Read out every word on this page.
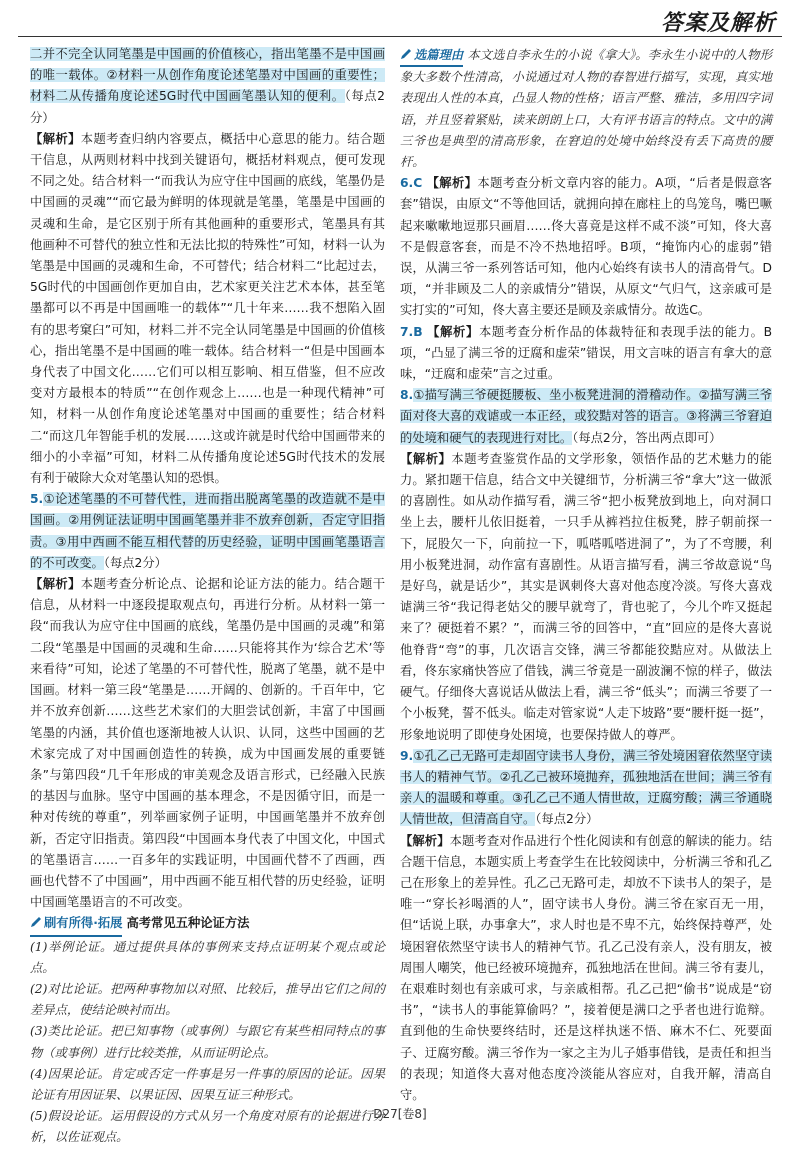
答案及解析

二并不完全认同笔墨是中国画的价值核心，指出笔墨不是中国画的唯一载体。②材料一从创作角度论述笔墨对中国画的重要性；材料二从传播角度论述5G时代中国画笔墨认知的便利。（每点2分）

【解析】本题考查归纳内容要点，概括中心意思的能力。结合题干信息，从两则材料中找到关键语句，概括材料观点，便可发现不同之处。结合材料一“而我认为应守住中国画的底线，笔墨仍是中国画的灵魂”“而它最为鲜明的体现就是笔墨，笔墨是中国画的灵魂和生命，是它区别于所有其他画种的重要形式，笔墨具有其他画种不可替代的独立性和无法比拟的特殊性”可知，材料一认为笔墨是中国画的灵魂和生命，不可替代；结合材料二“比起过去，5G时代的中国画创作更加自由，艺术家更关注艺术本体，甚至笔墨都可以不再是中国画唯一的载体”“几十年来……我不想陷入固有的思考窠臼”可知，材料二并不完全认同笔墨是中国画的价值核心，指出笔墨不是中国画的唯一载体。结合材料一“但是中国画本身代表了中国文化……它们可以相互影响、相互借鉴，但不应改变对方最根本的特质”“在创作观念上……也是一种现代精神”可知，材料一从创作角度论述笔墨对中国画的重要性；结合材料二“而这几年智能手机的发展……这或许就是时代给中国画带来的细小的小幸福”可知，材料二从传播角度论述5G时代技术的发展有利于破除大众对笔墨认知的恐惧。

5.①论述笔墨的不可替代性，进而指出脱离笔墨的改造就不是中国画。②用例证法证明中国画笔墨并非不放弃创新，否定守旧指责。③用中西画不能互相代替的历史经验，证明中国画笔墨语言的不可改变。（每点2分）

【解析】本题考查分析论点、论据和论证方法的能力。结合题干信息，从材料一中逐段提取观点句，再进行分析。从材料一第一段“而我认为应守住中国画的底线，笔墨仍是中国画的灵魂”和第二段“笔墨是中国画的灵魂和生命……只能将其作为‘综合艺术’等来看待”可知，论述了笔墨的不可替代性，脱离了笔墨，就不是中国画。材料一第三段“笔墨是……开阔的、创新的。千百年中，它并不放弃创新……这些艺术家们的大胆尝试创新，丰富了中国画笔墨的内涵，其价值也逐渐地被人认识、认同，这些中国画的艺术家完成了对中国画创造性的转换，成为中国画发展的重要链条”与第四段“几千年形成的审美观念及语言形式，已经融入民族的基因与血脉。坚守中国画的基本理念，不是因循守旧，而是一种对传统的尊重”，列举画家例子证明，中国画笔墨并不放弃创新，否定守旧指责。第四段“中国画本身代表了中国文化，中国式的笔墨语言……一百多年的实践证明，中国画代替不了西画，西画也代替不了中国画”，用中西画不能互相代替的历史经验，证明中国画笔墨语言的不可改变。

刷有所得·拓展 高考常见五种论证方法

(1)举例论证。通过提供具体的事例来支持点证明某个观点或论点。

(2)对比论证。把两种事物加以对照、比较后，推导出它们之间的差异点，使结论映衬而出。

(3)类比论证。把已知事物（或事例）与跟它有某些相同特点的事物（或事例）进行比较类推，从而证明论点。

(4)因果论证。肯定或否定一件事是另一件事的原因的论证。因果论证有用因证果、以果证因、因果互证三种形式。

(5)假设论证。运用假设的方式从另一个角度对原有的论据进行分析，以佐证观点。

选篇理由 本文选自李永生的小说《拿大》。李永生小说中的人物形象大多数个性清高，小说通过对人物的春智进行描写，实现，真实地表现出人性的本真，凸显人物的性格；语言严整、雅洁，多用四字词语，并且竖着紧贴，读来朗朗上口，大有评书语言的特点。文中的满三爷也是典型的清高形象，在窘迫的处境中始终没有丢下高贵的腰杆。

6.C 【解析】本题考查分析文章内容的能力。A项，“后者是假意客套”错误，由原文“不等他回话，就拥向掉在廊柱上的鸟笼鸟，嘴巴噘起来嗽嗽地逗那只画眉……佟大喜竟是这样不咸不淡”可知，佟大喜不是假意客套，而是不冷不热地招呼。B项，“掩饰内心的虚弱”错误，从满三爷一系列答话可知，他内心始终有读书人的清高骨气。D项，“并非顾及二人的亲戚情分”错误，从原文“气归气，这亲戚可是实打实的”可知，佟大喜主要还是顾及亲戚情分。故选C。

7.B 【解析】本题考查分析作品的体裁特征和表现手法的能力。B项，“凸显了满三爷的迂腐和虚荣”错误，用文言味的语言有拿大的意味，“迂腐和虚荣”言之过重。

8.①描写满三爷硬挺腰板、坐小板凳进洞的滑稽动作。②描写满三爷面对佟大喜的戏谑或一本正经，或狡黠对答的语言。③将满三爷窘迫的处境和硬气的表现进行对比。（每点2分，答出两点即可）

【解析】本题考查鉴赏作品的文学形象，领悟作品的艺术魅力的能力。紧扣题干信息，结合文中关键细节，分析满三爷“拿大”这一做派的喜剧性。如从动作描写看，满三爷“把小板凳放到地上，向对洞口坐上去，腰杆儿依旧挺着，一只手从裤裆拉住板凳，脖子朝前探一下，屁股欠一下，向前拉一下，呱嗒呱嗒进洞了”，为了不弯腰，利用小板凳进洞，动作富有喜剧性。从语言描写看，满三爷故意说“鸟是好鸟，就是话少”，其实是讽刺佟大喜对他态度冷淡。写佟大喜戏谑满三爷“我记得老姑父的腰早就弯了，背也驼了，今儿个咋又挺起来了？硬挺着不累？”，而满三爷的回答中，“直”回应的是佟大喜说他脊背“弯”的事，几次语言交锋，满三爷都能狡黠应对。从做法上看，佟东家痛快答应了借钱，满三爷竟是一副波澜不惊的样子，做法硬气。仔细佟大喜说话从做法上看，满三爷“低头”；而满三爷要了一个小板凳，誓不低头。临走对管家说“人走下坡路”要“腰杆挺一挺”，形象地说明了即使身处困境，也要保持做人的尊严。

9.①孔乙己无路可走却固守读书人身份，满三爷处境困窘依然坚守读书人的精神气节。②孔乙己被环境抛弃，孤独地活在世间；满三爷有亲人的温暖和尊重。③孔乙己不通人情世故，迂腐穷酸；满三爷通晓人情世故，但清高自守。（每点2分）

【解析】本题考查对作品进行个性化阅读和有创意的解读的能力。结合题干信息，本题实质上考查学生在比较阅读中，分析满三爷和孔乙己在形象上的差异性。孔乙己无路可走，却放不下读书人的架子，是唯一“穿长衫喝酒的人”，固守读书人身份。满三爷在家百无一用，但“话说上联，办事拿大”，求人时也是不卑不亢，始终保持尊严，处境困窘依然坚守读书人的精神气节。孔乙己没有亲人，没有朋友，被周围人嘲笑，他已经被环境抛弃，孤独地活在世间。满三爷有妻儿，在艰难时刻也有亲戚可求，与亲戚相帮。孔乙己把“偷书”说成是“窃书”，“读书人的事能算偷吗？”，接着便是满口之乎者也进行诡辩。直到他的生命快要终结时，还是这样执迷不悟、麻木不仁、死要面子、迂腐穷酸。满三爷作为一家之主为儿子婚事借钱，是责任和担当的表现；知道佟大喜对他态度冷淡能从容应对，自我开解，清高自守。

D27[卷8]
